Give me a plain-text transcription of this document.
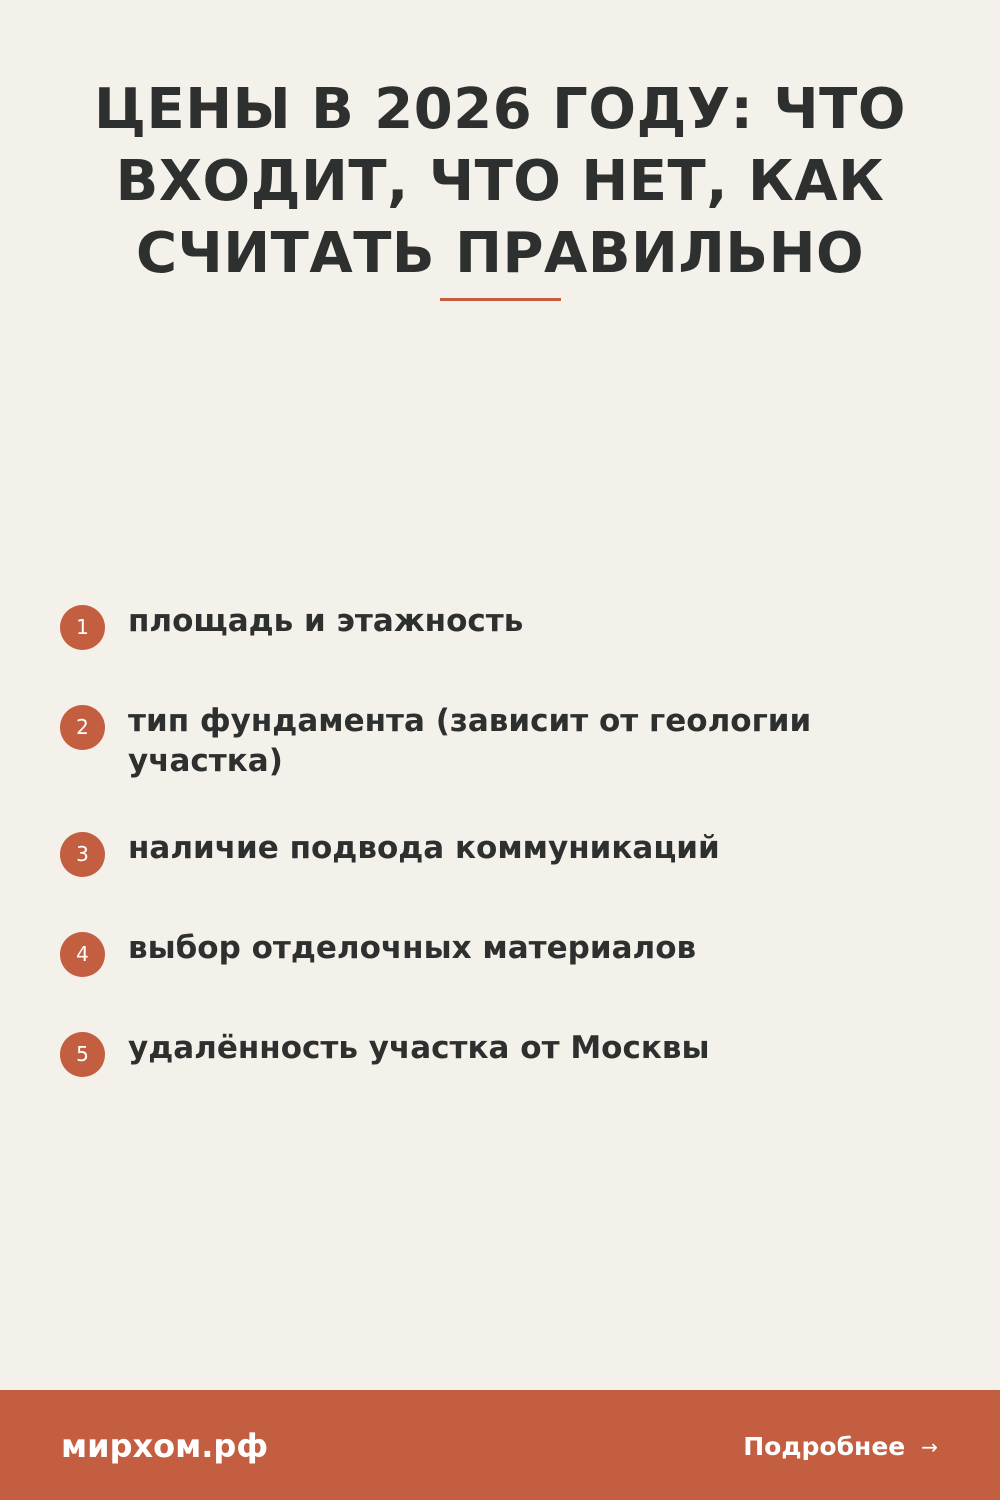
ЦЕНЫ В 2026 ГОДУ: ЧТО
ВХОДИТ, ЧТО НЕТ, КАК
СЧИТАТЬ ПРАВИЛЬНО
1	площадь и этажность
2	тип фундамента (зависит от геологии участка)
3	наличие подвода коммуникаций
4	выбор отделочных материалов
5	удалённость участка от Москвы
мирхом.рф	Подробнее →
